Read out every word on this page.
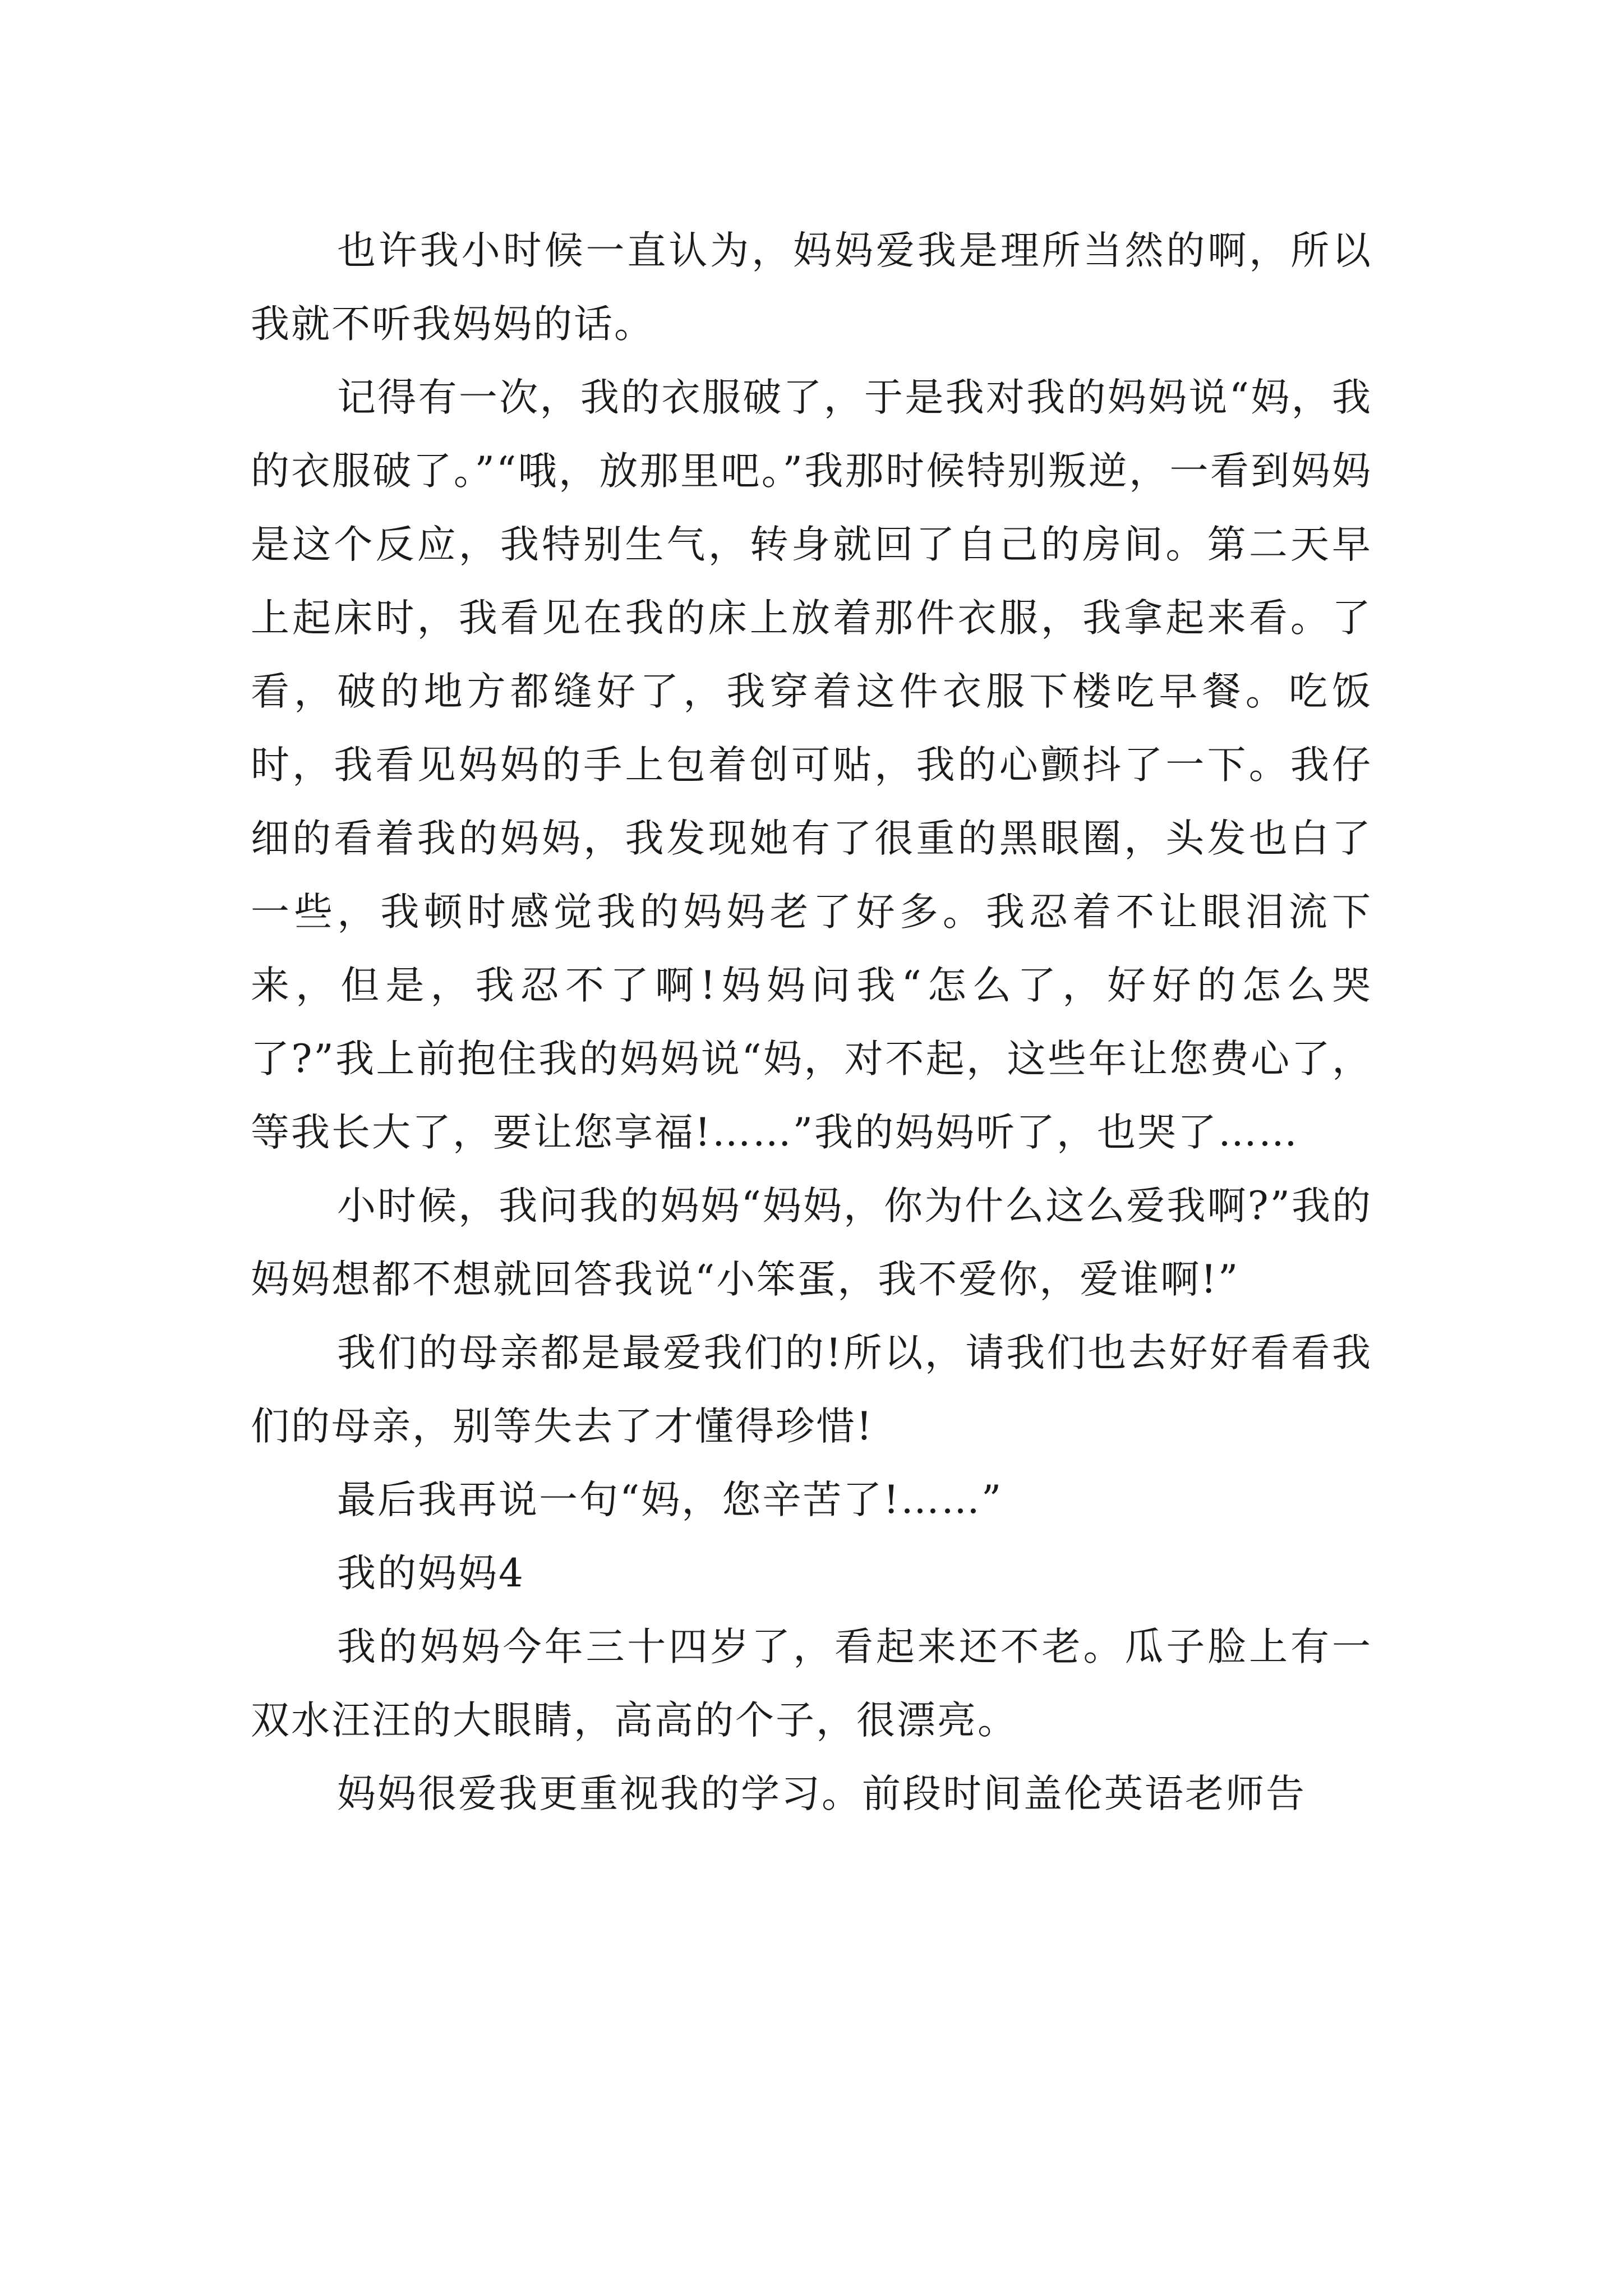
也许我小时候一直认为，妈妈爱我是理所当然的啊，所以我就不听我妈妈的话。

记得有一次，我的衣服破了，于是我对我的妈妈说“妈，我的衣服破了。”“哦，放那里吧。”我那时候特别叛逆，一看到妈妈是这个反应，我特别生气，转身就回了自己的房间。第二天早上起床时，我看见在我的床上放着那件衣服，我拿起来看。了看，破的地方都缝好了，我穿着这件衣服下楼吃早餐。吃饭时，我看见妈妈的手上包着创可贴，我的心颤抖了一下。我仔细的看着我的妈妈，我发现她有了很重的黑眼圈，头发也白了一些，我顿时感觉我的妈妈老了好多。我忍着不让眼泪流下来，但是，我忍不了啊!妈妈问我“怎么了，好好的怎么哭了?”我上前抱住我的妈妈说“妈，对不起，这些年让您费心了，等我长大了，要让您享福!……”我的妈妈听了，也哭了……

小时候，我问我的妈妈“妈妈，你为什么这么爱我啊?”我的妈妈想都不想就回答我说“小笨蛋，我不爱你，爱谁啊!”

我们的母亲都是最爱我们的!所以，请我们也去好好看看我们的母亲，别等失去了才懂得珍惜!

最后我再说一句“妈，您辛苦了!……”

我的妈妈4

我的妈妈今年三十四岁了，看起来还不老。瓜子脸上有一双水汪汪的大眼睛，高高的个子，很漂亮。

妈妈很爱我更重视我的学习。前段时间盖伦英语老师告
